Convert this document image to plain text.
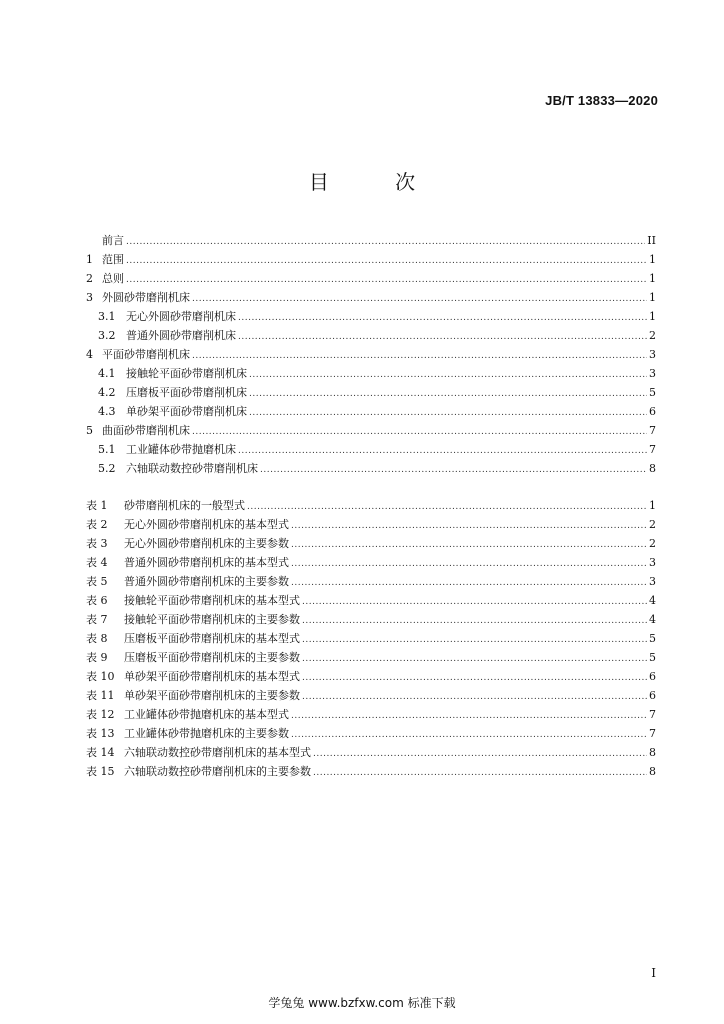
JB/T 13833—2020
目 次
前言 .....	II
1 范围 .....	1
2 总则 .....	1
3 外圆砂带磨削机床 .....	1
3.1 无心外圆砂带磨削机床 .....	1
3.2 普通外圆砂带磨削机床 .....	2
4 平面砂带磨削机床 .....	3
4.1 接触轮平面砂带磨削机床 .....	3
4.2 压磨板平面砂带磨削机床 .....	5
4.3 单砂架平面砂带磨削机床 .....	6
5 曲面砂带磨削机床 .....	7
5.1 工业罐体砂带抛磨机床 .....	7
5.2 六轴联动数控砂带磨削机床 .....	8
表 1	砂带磨削机床的一般型式 .....	1
表 2	无心外圆砂带磨削机床的基本型式 .....	2
表 3	无心外圆砂带磨削机床的主要参数 .....	2
表 4	普通外圆砂带磨削机床的基本型式 .....	3
表 5	普通外圆砂带磨削机床的主要参数 .....	3
表 6	接触轮平面砂带磨削机床的基本型式 .....	4
表 7	接触轮平面砂带磨削机床的主要参数 .....	4
表 8	压磨板平面砂带磨削机床的基本型式 .....	5
表 9	压磨板平面砂带磨削机床的主要参数 .....	5
表 10 单砂架平面砂带磨削机床的基本型式 .....	6
表 11 单砂架平面砂带磨削机床的主要参数 .....	6
表 12 工业罐体砂带抛磨机床的基本型式 .....	7
表 13 工业罐体砂带抛磨机床的主要参数 .....	7
表 14 六轴联动数控砂带磨削机床的基本型式 .....	8
表 15 六轴联动数控砂带磨削机床的主要参数 .....	8
I
学兔兔 www.bzfxw.com 标准下载
